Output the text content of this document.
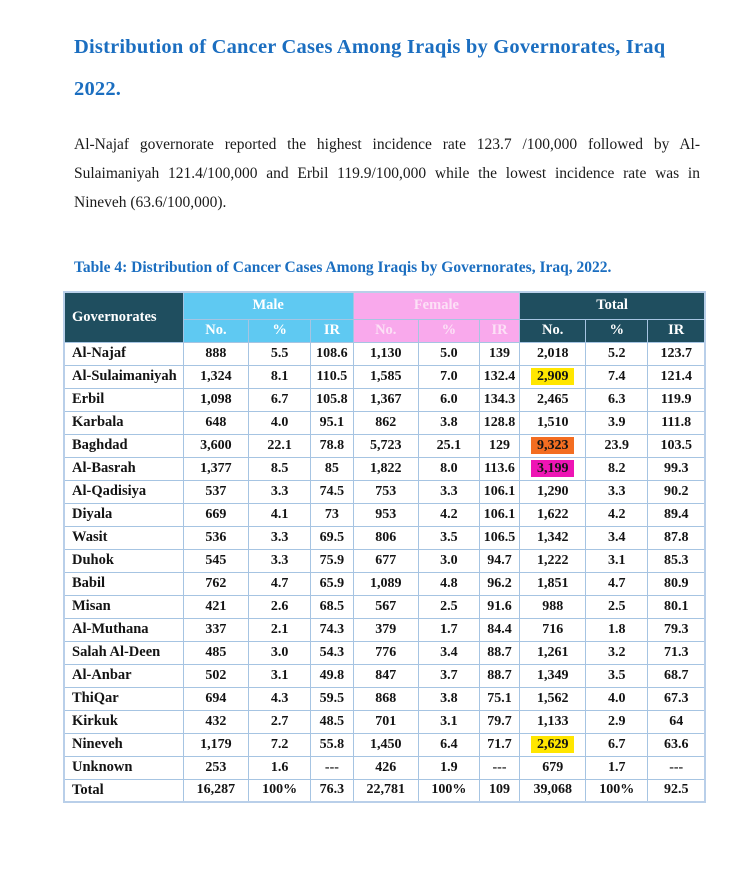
Distribution of Cancer Cases Among Iraqis by Governorates, Iraq 2022.

Al-Najaf governorate reported the highest incidence rate 123.7 /100,000 followed by Al-Sulaimaniyah 121.4/100,000 and Erbil 119.9/100,000 while the lowest incidence rate was in Nineveh (63.6/100,000).

Table 4: Distribution of Cancer Cases Among Iraqis by Governorates, Iraq, 2022.
Governorates	Male			Female			Total		
	No.	%	IR	No.	%	IR	No.	%	IR
Al-Najaf	888	5.5	108.6	1,130	5.0	139	2,018	5.2	123.7
Al-Sulaimaniyah	1,324	8.1	110.5	1,585	7.0	132.4	2,909	7.4	121.4
Erbil	1,098	6.7	105.8	1,367	6.0	134.3	2,465	6.3	119.9
Karbala	648	4.0	95.1	862	3.8	128.8	1,510	3.9	111.8
Baghdad	3,600	22.1	78.8	5,723	25.1	129	9,323	23.9	103.5
Al-Basrah	1,377	8.5	85	1,822	8.0	113.6	3,199	8.2	99.3
Al-Qadisiya	537	3.3	74.5	753	3.3	106.1	1,290	3.3	90.2
Diyala	669	4.1	73	953	4.2	106.1	1,622	4.2	89.4
Wasit	536	3.3	69.5	806	3.5	106.5	1,342	3.4	87.8
Duhok	545	3.3	75.9	677	3.0	94.7	1,222	3.1	85.3
Babil	762	4.7	65.9	1,089	4.8	96.2	1,851	4.7	80.9
Misan	421	2.6	68.5	567	2.5	91.6	988	2.5	80.1
Al-Muthana	337	2.1	74.3	379	1.7	84.4	716	1.8	79.3
Salah Al-Deen	485	3.0	54.3	776	3.4	88.7	1,261	3.2	71.3
Al-Anbar	502	3.1	49.8	847	3.7	88.7	1,349	3.5	68.7
ThiQar	694	4.3	59.5	868	3.8	75.1	1,562	4.0	67.3
Kirkuk	432	2.7	48.5	701	3.1	79.7	1,133	2.9	64
Nineveh	1,179	7.2	55.8	1,450	6.4	71.7	2,629	6.7	63.6
Unknown	253	1.6	---	426	1.9	---	679	1.7	---
Total	16,287	100%	76.3	22,781	100%	109	39,068	100%	92.5
